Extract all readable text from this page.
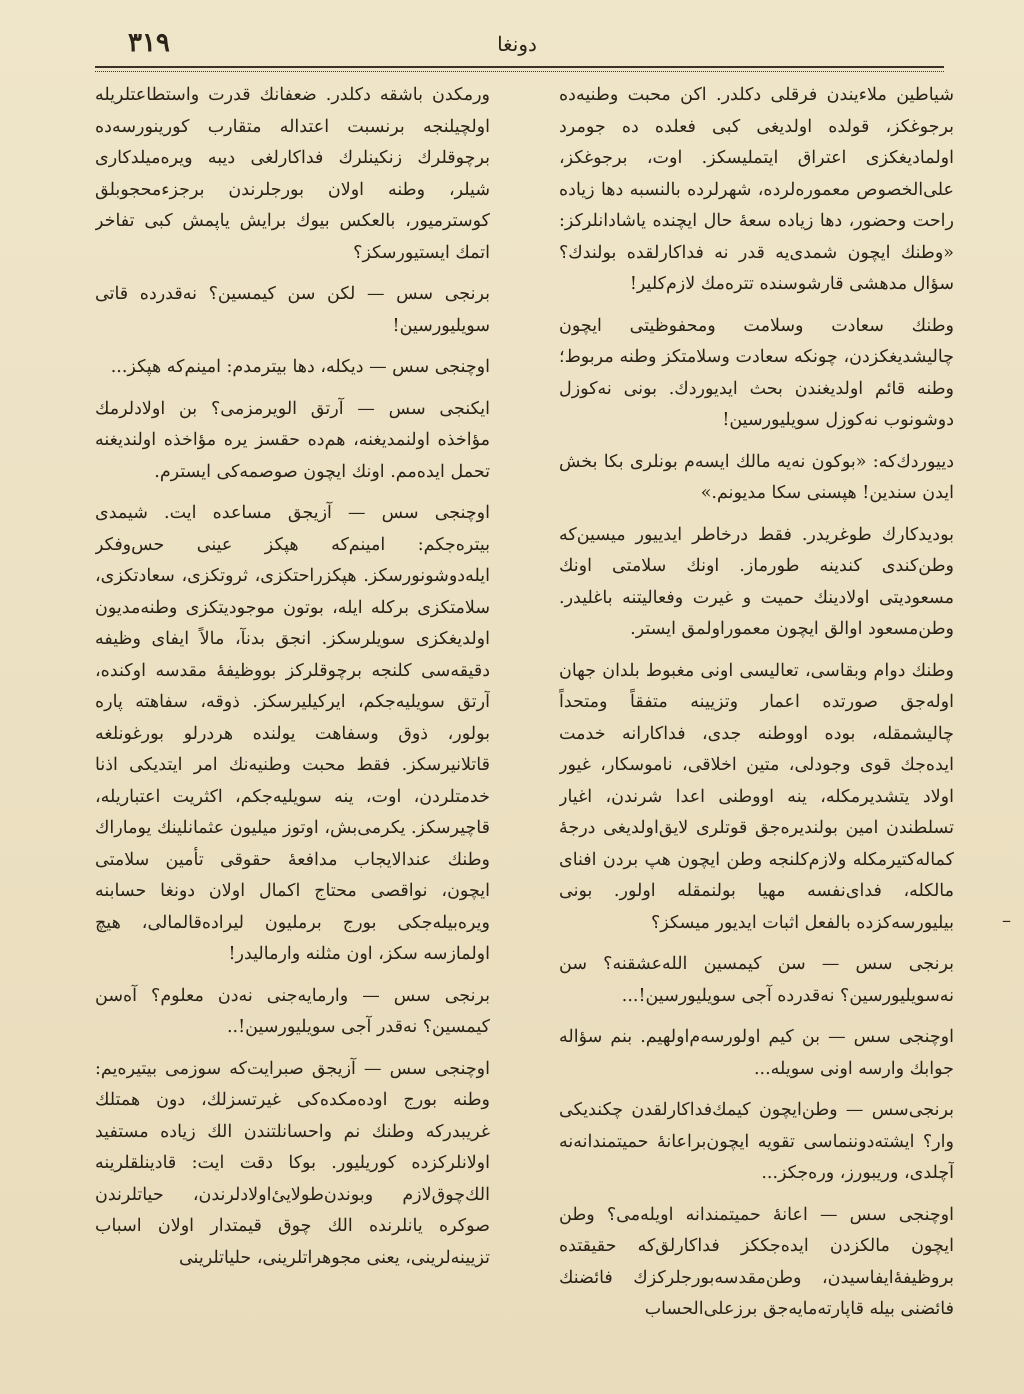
۳۱۹	دونغا

شیاطین ملاءیندن فرقلی دکلدر. اکن محبت وطنیه‌ده برجوغکز، قولده اولدیغی کبی فعلده ده جومرد اولمادیغکزی اعتراق ایتملیسکز. اوت، برجوغکز، علی‌الخصوص معموره‌لرده، شهرلرده بالنسبه دها زیاده راحت وحضور، دها زیاده سعهٔ حال ایچنده یاشادانلرکز: «وطنك ایچون شمدی‌یه قدر نه فداکارلقده بولندك؟ سؤال مدهشی قارشوسنده تتره‌مك لازم‌کلیر!

وطنك سعادت وسلامت ومحفوظیتی ایچون چالیشدیغکزدن، چونکه سعادت وسلامتکز وطنه مربوط؛ وطنه قائم اولدیغندن بحث ایدیوردك. بونی نه‌کوزل دوشونوب نه‌کوزل سویلیورسین!

دییوردك‌که: «بوکون نه‌یه مالك ایسه‌م بونلری بکا بخش ایدن سندین! هپسنی سکا مدیونم.»

بودیدکارك طوغریدر. فقط درخاطر ایدییور میسین‌که وطن‌کندی کندینه طورماز. اونك سلامتی اونك مسعودیتی اولادینك حمیت و غیرت وفعالیتنه باغلیدر. وطن‌مسعود اوالق ایچون معموراولمق ایستر.

وطنك دوام وبقاسی، تعالیسی اونی مغبوط بلدان جهان اوله‌جق صورتده اعمار وتزیینه متفقاً ومتحداً چالیشمقله، بوده اووطنه جدی، فداکارانه خدمت ایده‌جك قوی وجودلی، متین اخلاقی، ناموسکار، غیور اولاد یتشدیرمکله، ینه اووطنی اعدا شرندن، اغیار تسلطندن امین بولندیره‌جق قوتلری لایق‌اولدیغی درجهٔ کماله‌کتیرمکله ولازم‌کلنجه وطن ایچون هپ بردن افنای مالکله، فدای‌نفسه مهیا بولنمقله اولور. بونی بیلیورسه‌کزده بالفعل اثبات ایدیور میسکز؟

برنجی سس — سن کیمسین الله‌عشقنه؟ سن نه‌سویلیورسین؟ نه‌قدرده آجی سویلیورسین!...

اوچنجی سس — بن کیم اولورسه‌م‌اولهیم. بنم سؤاله جوابك وارسه اونی سویله...

برنجی‌سس — وطن‌ایچون کیمك‌فداکارلقدن چکندیکی وار؟ ایشته‌دوننماسی تقویه ایچون‌براعانهٔ حمیتمندانه‌نه آچلدی، وریبورز، وره‌جکز...

اوچنجی سس — اعانهٔ حمیتمندانه اویله‌می؟ وطن ایچون مالکزدن ایده‌جککز فداکارلق‌که حقیقتده بروظیفهٔ‌ایفاسیدن، وطن‌مقدسه‌بورجلرکزك فائضنك فائضنی بیله قاپارته‌مایه‌جق برزعلی‌الحساب

ورمکدن باشقه دکلدر. ضعفانك قدرت واستطاعتلریله اولچیلنجه برنسبت اعتداله متقارب کورینورسه‌ده برچوقلرك زنکینلرك فداکارلغی دیبه ویره‌میلدکاری شیلر، وطنه اولان بورجلرندن برجزءمحجوبلق کوسترمیور، بالعکس بیوك برایش یاپمش کبی تفاخر اتمك ایستیورسکز؟

برنجی سس — لکن سن کیمسین؟ نه‌قدرده قاتی سویلیورسین!

اوچنجی سس — دیکله، دها بیترمدم: امینم‌که هپکز...

ایکنجی سس — آرتق الویرمزمی؟ بن اولادلرمك مؤاخذه اولنمدیغنه، هم‌ده حقسز یره مؤاخذه اولندیغنه تحمل ایده‌مم. اونك ایچون صوصمه‌کی ایسترم.

اوچنجی سس — آزیجق مساعده ایت. شیمدی بیتره‌جکم: امینم‌که هپکز عینی حس‌وفکر ایله‌دوشونورسکز. هپکزراحتکزی، ثروتکزی، سعادتکزی، سلامتکزی برکله ایله، بوتون موجودیتکزی وطنه‌مدیون اولدیغکزی سویلرسکز. انجق بدنآ، مالاً ایفای وظیفه دقیقه‌سی کلنجه برچوقلرکز بووظیفهٔ مقدسه اوکنده، آرتق سویلیه‌جکم، ایرکیلیرسکز. ذوقه، سفاهته پاره بولور، ذوق وسفاهت یولنده هردرلو بورغونلغه قاتلانیرسکز. فقط محبت وطنیه‌نك امر ایتدیکی اذنا خدمتلردن، اوت، ینه سویلیه‌جکم، اکثریت اعتباریله، قاچیرسکز. یکرمی‌بش، اوتوز میلیون عثمانلینك یوماراك وطنك عندالایجاب مدافعهٔ حقوقی تأمین سلامتی ایچون، نواقصی محتاج اکمال اولان دونغا حسابنه ویره‌بیله‌جکی بورج برملیون لیراده‌قالمالی، هیچ اولمازسه سکز، اون مثلنه وارمالیدر!

برنجی سس — وارمایه‌جنی نه‌دن معلوم؟ آه‌سن کیمسین؟ نه‌قدر آجی سویلیورسین!..

اوچنجی سس — آزیجق صبرایت‌که سوزمی بیتیره‌یم: وطنه بورج اوده‌مکده‌کی غیرتسزلك، دون همتلك غریبدرکه وطنك نم واحسانلتندن الك زیاده مستفید اولانلرکزده کوریلیور. بوکا دقت ایت: قادینلقلرینه الك‌چوق‌لازم وبوندن‌طولاییٔ‌اولادلرندن، حیاتلرندن صوکره یانلرنده الك چوق قیمتدار اولان اسباب تزیینه‌لرینی، یعنی مجوهراتلرینی، حلیاتلرینی

–
